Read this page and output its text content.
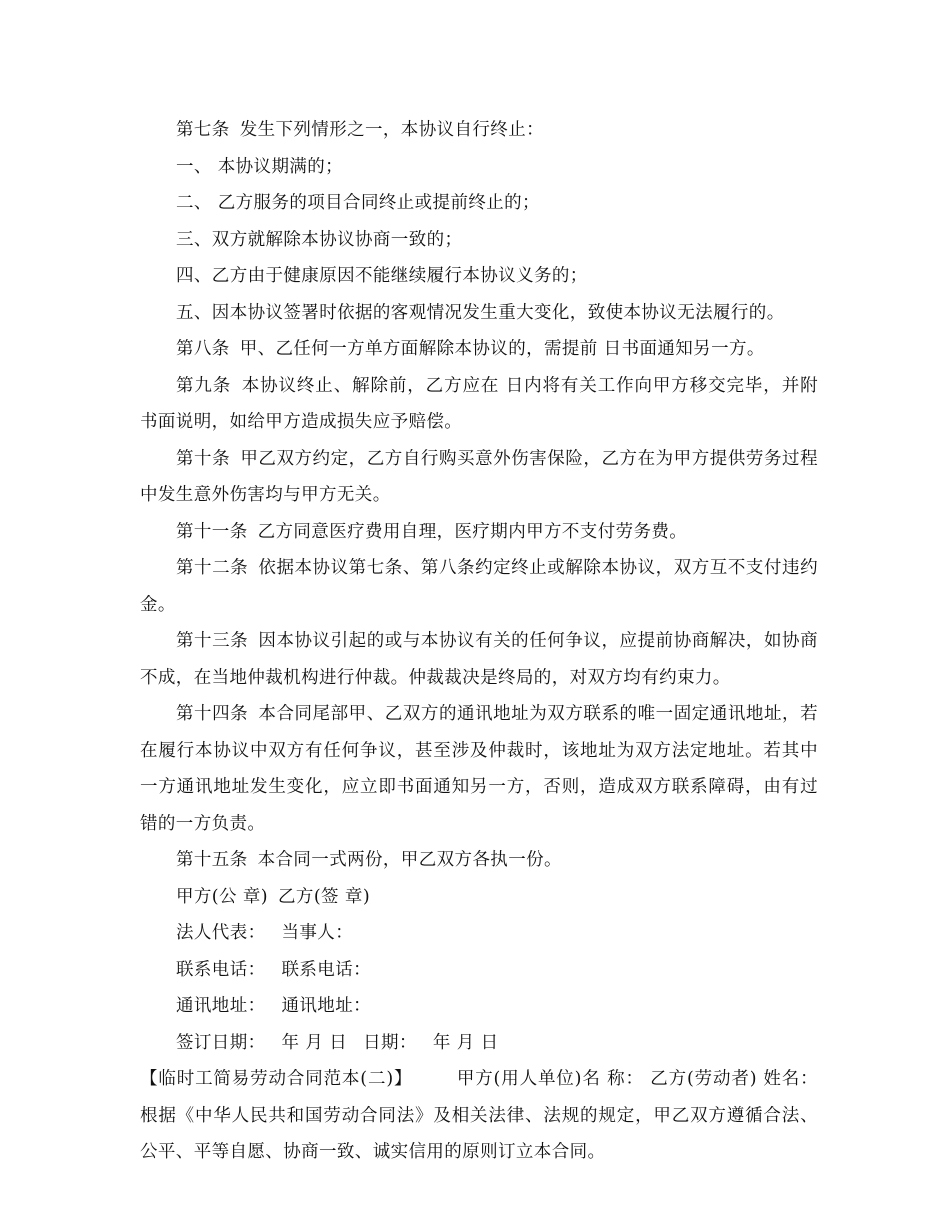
第七条 发生下列情形之一，本协议自行终止：

一、 本协议期满的；

二、 乙方服务的项目合同终止或提前终止的；

三、双方就解除本协议协商一致的；

四、乙方由于健康原因不能继续履行本协议义务的；

五、因本协议签署时依据的客观情况发生重大变化，致使本协议无法履行的。

第八条 甲、乙任何一方单方面解除本协议的，需提前 日书面通知另一方。

第九条 本协议终止、解除前，乙方应在 日内将有关工作向甲方移交完毕，并附书面说明，如给甲方造成损失应予赔偿。

第十条 甲乙双方约定，乙方自行购买意外伤害保险，乙方在为甲方提供劳务过程中发生意外伤害均与甲方无关。

第十一条 乙方同意医疗费用自理，医疗期内甲方不支付劳务费。

第十二条 依据本协议第七条、第八条约定终止或解除本协议，双方互不支付违约金。

第十三条 因本协议引起的或与本协议有关的任何争议，应提前协商解决，如协商不成，在当地仲裁机构进行仲裁。仲裁裁决是终局的，对双方均有约束力。

第十四条 本合同尾部甲、乙双方的通讯地址为双方联系的唯一固定通讯地址，若在履行本协议中双方有任何争议，甚至涉及仲裁时，该地址为双方法定地址。若其中一方通讯地址发生变化，应立即书面通知另一方，否则，造成双方联系障碍，由有过错的一方负责。

第十五条 本合同一式两份，甲乙双方各执一份。

甲方(公 章) 乙方(签 章)

法人代表： 当事人：

联系电话： 联系电话：

通讯地址： 通讯地址：

签订日期： 年 月 日 日期： 年 月 日

【临时工简易劳动合同范本(二)】	甲方(用人单位)名 称： 乙方(劳动者) 姓名： 根据《中华人民共和国劳动合同法》及相关法律、法规的规定，甲乙双方遵循合法、公平、平等自愿、协商一致、诚实信用的原则订立本合同。
